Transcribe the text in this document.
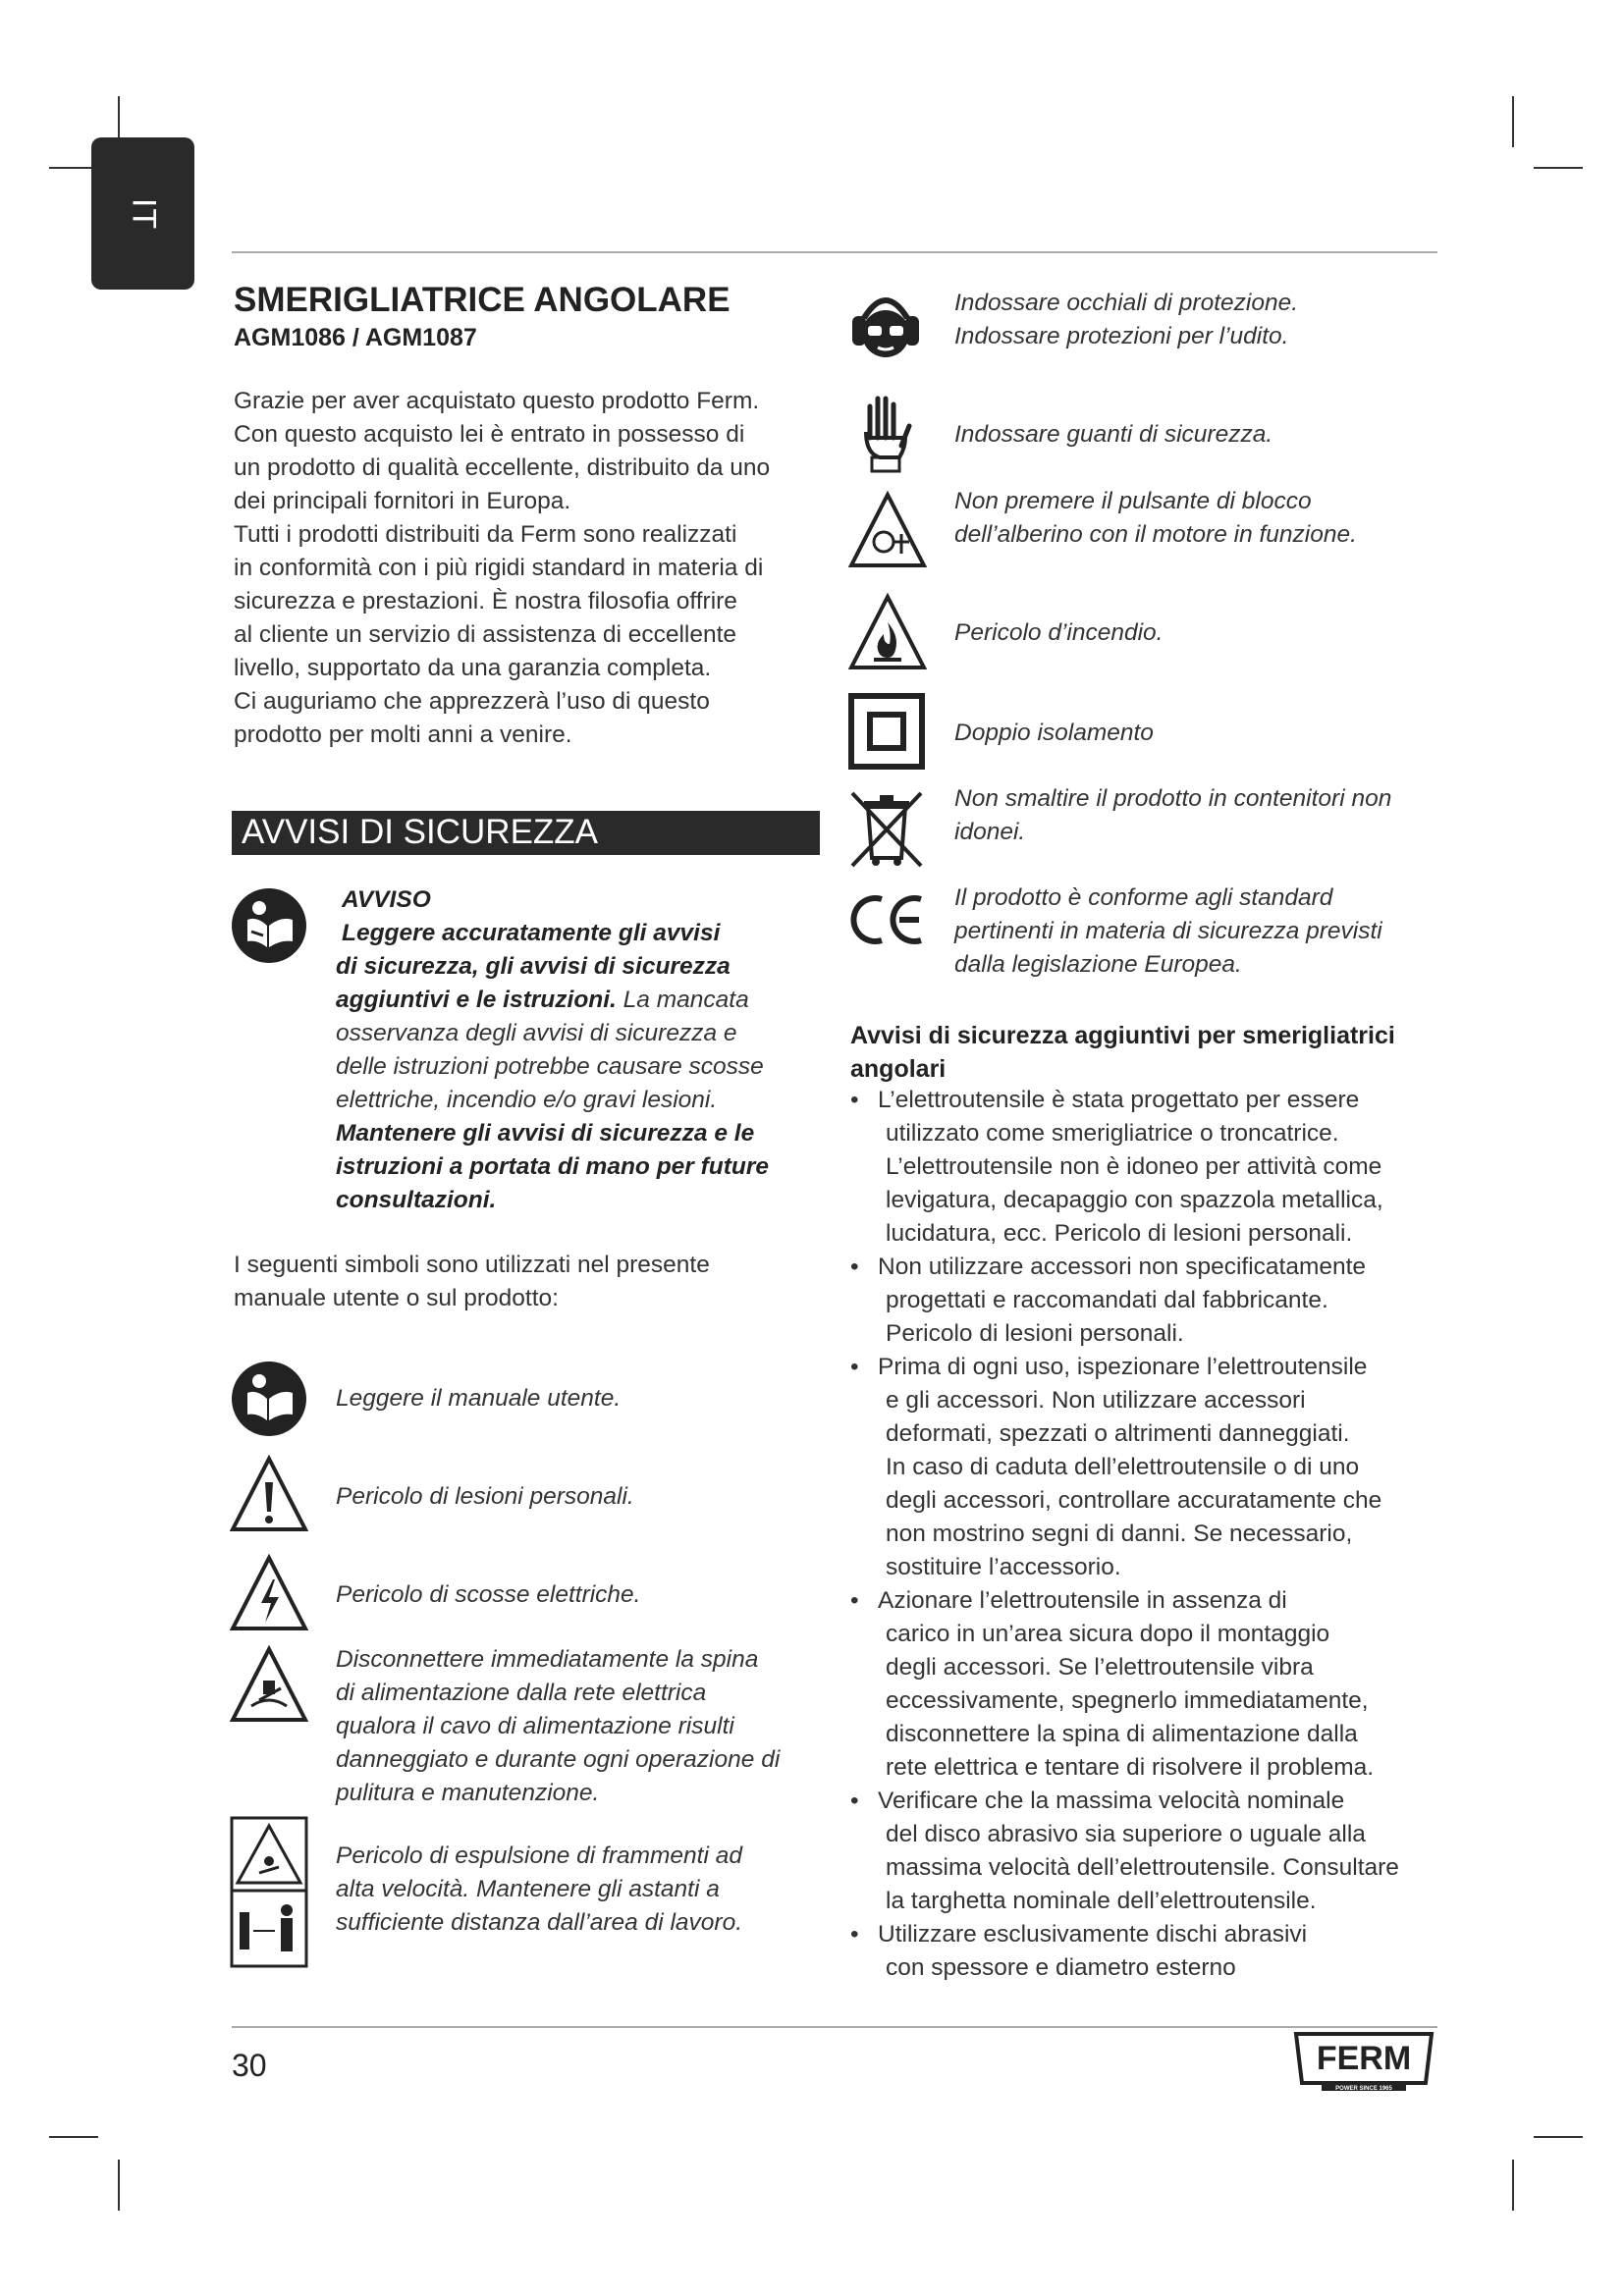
IT
SMERIGLIATRICE ANGOLARE
AGM1086 / AGM1087
Grazie per aver acquistato questo prodotto Ferm.
Con questo acquisto lei è entrato in possesso di
un prodotto di qualità eccellente, distribuito da uno
dei principali fornitori in Europa.
Tutti i prodotti distribuiti da Ferm sono realizzati
in conformità con i più rigidi standard in materia di
sicurezza e prestazioni. È nostra filosofia offrire
al cliente un servizio di assistenza di eccellente
livello, supportato da una garanzia completa.
Ci auguriamo che apprezzerà l’uso di questo
prodotto per molti anni a venire.
AVVISI DI SICUREZZA
AVVISO
Leggere accuratamente gli avvisi
di sicurezza, gli avvisi di sicurezza
aggiuntivi e le istruzioni. La mancata
osservanza degli avvisi di sicurezza e
delle istruzioni potrebbe causare scosse
elettriche, incendio e/o gravi lesioni.
Mantenere gli avvisi di sicurezza e le
istruzioni a portata di mano per future
consultazioni.
I seguenti simboli sono utilizzati nel presente
manuale utente o sul prodotto:
Leggere il manuale utente.
Pericolo di lesioni personali.
Pericolo di scosse elettriche.
Disconnettere immediatamente la spina
di alimentazione dalla rete elettrica
qualora il cavo di alimentazione risulti
danneggiato e durante ogni operazione di
pulitura e manutenzione.
Pericolo di espulsione di frammenti ad
alta velocità. Mantenere gli astanti a
sufficiente distanza dall’area di lavoro.
Indossare occhiali di protezione.
Indossare protezioni per l’udito.
Indossare guanti di sicurezza.
Non premere il pulsante di blocco
dell’alberino con il motore in funzione.
Pericolo d’incendio.
Doppio isolamento
Non smaltire il prodotto in contenitori non
idonei.
Il prodotto è conforme agli standard
pertinenti in materia di sicurezza previsti
dalla legislazione Europea.
Avvisi di sicurezza aggiuntivi per smerigliatrici angolari
• L’elettroutensile è stata progettato per essere
utilizzato come smerigliatrice o troncatrice.
L’elettroutensile non è idoneo per attività come
levigatura, decapaggio con spazzola metallica,
lucidatura, ecc. Pericolo di lesioni personali.
• Non utilizzare accessori non specificatamente
progettati e raccomandati dal fabbricante.
Pericolo di lesioni personali.
• Prima di ogni uso, ispezionare l’elettroutensile
e gli accessori. Non utilizzare accessori
deformati, spezzati o altrimenti danneggiati.
In caso di caduta dell’elettroutensile o di uno
degli accessori, controllare accuratamente che
non mostrino segni di danni. Se necessario,
sostituire l’accessorio.
• Azionare l’elettroutensile in assenza di
carico in un’area sicura dopo il montaggio
degli accessori. Se l’elettroutensile vibra
eccessivamente, spegnerlo immediatamente,
disconnettere la spina di alimentazione dalla
rete elettrica e tentare di risolvere il problema.
• Verificare che la massima velocità nominale
del disco abrasivo sia superiore o uguale alla
massima velocità dell’elettroutensile. Consultare
la targhetta nominale dell’elettroutensile.
• Utilizzare esclusivamente dischi abrasivi
con spessore e diametro esterno
30	FERM
POWER SINCE 1965
